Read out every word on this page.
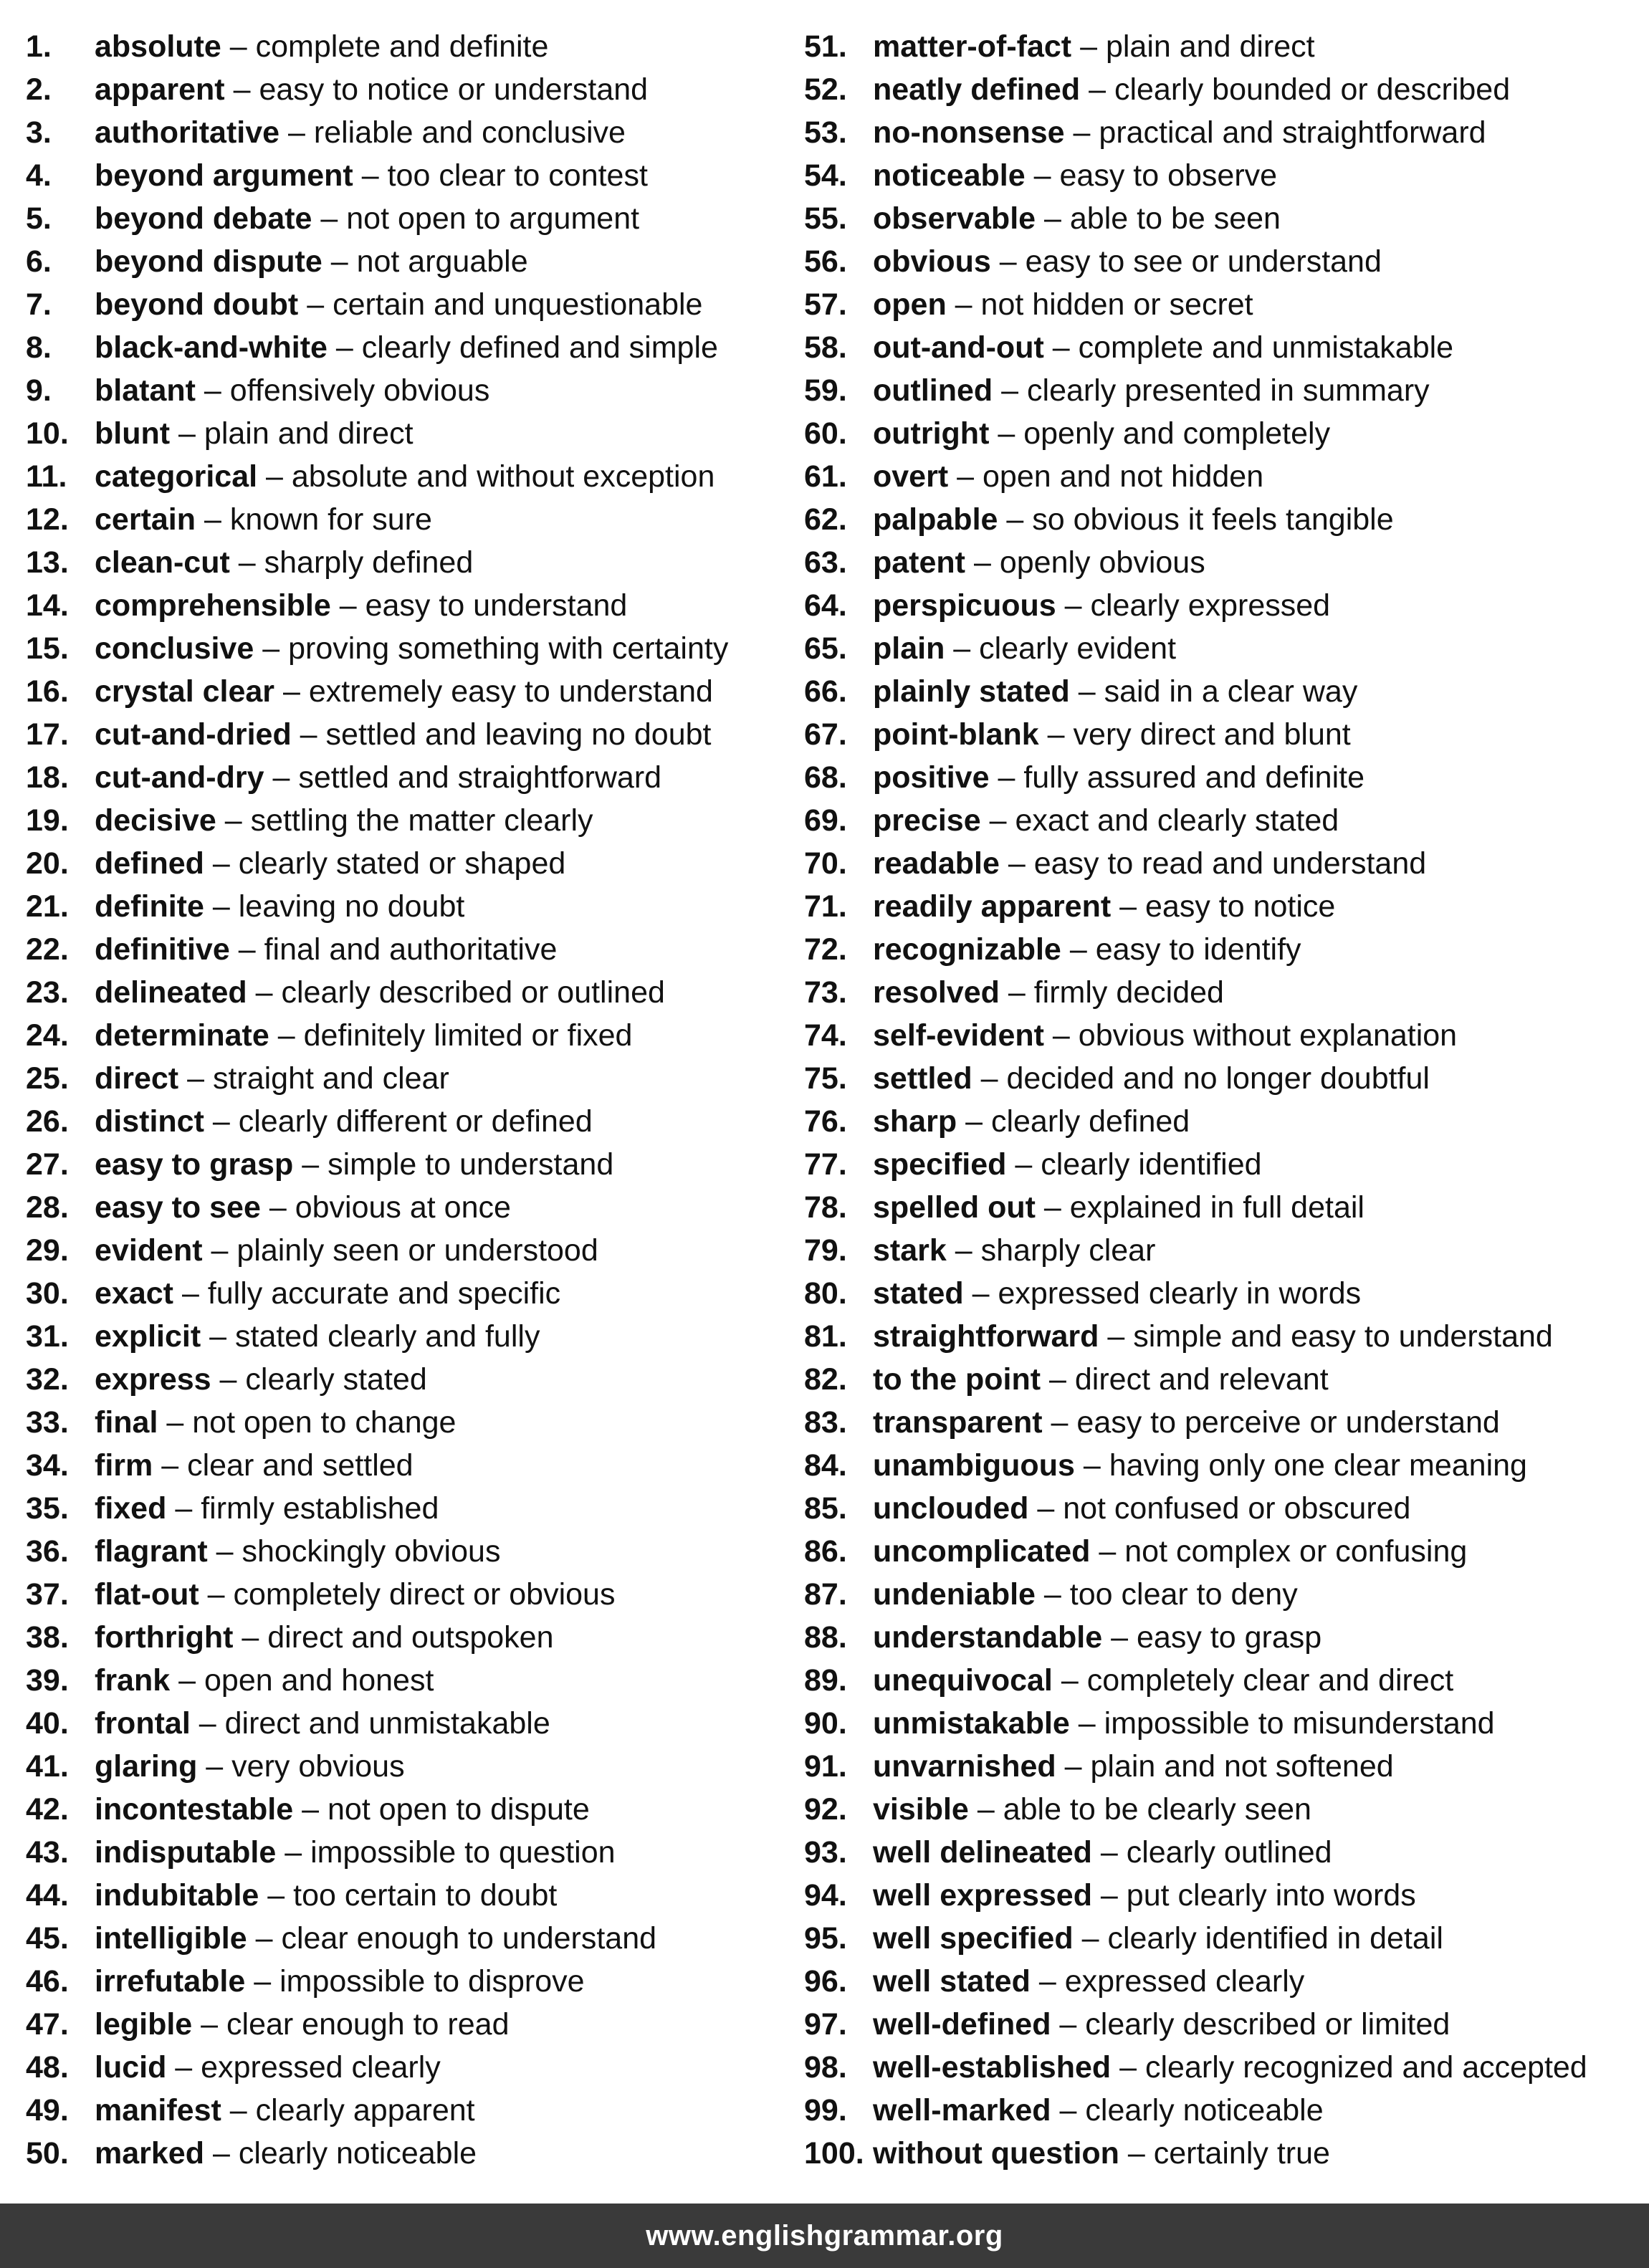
1.	absolute
–
complete and definite
2.	apparent
–
easy to notice or understand
3.	authoritative
–
reliable and conclusive
4.	beyond argument
–
too clear to contest
5.	beyond debate
–
not open to argument
6.	beyond dispute
–
not arguable
7.	beyond doubt
–
certain and unquestionable
8.	black-and-white
–
clearly defined and simple
9.	blatant
–
offensively obvious
10. blunt
–
plain and direct
11. categorical
–
absolute and without exception
12. certain
–
known for sure
13. clean-cut
–
sharply defined
14. comprehensible
–
easy to understand
15. conclusive
–
proving something with certainty
16. crystal clear
–
extremely easy to understand
17. cut-and-dried
–
settled and leaving no doubt
18. cut-and-dry
–
settled and straightforward
19. decisive
–
settling the matter clearly
20. defined
–
clearly stated or shaped
21. definite
–
leaving no doubt
22. definitive
–
final and authoritative
23. delineated
–
clearly described or outlined
24. determinate
–
definitely limited or fixed
25. direct
–
straight and clear
26. distinct
–
clearly different or defined
27. easy to grasp
–
simple to understand
28. easy to see
–
obvious at once
29. evident
–
plainly seen or understood
30. exact
–
fully accurate and specific
31. explicit
–
stated clearly and fully
32. express
–
clearly stated
33. final
–
not open to change
34. firm
–
clear and settled
35. fixed
–
firmly established
36. flagrant
–
shockingly obvious
37. flat-out
–
completely direct or obvious
38. forthright
–
direct and outspoken
39. frank
–
open and honest
40. frontal
–
direct and unmistakable
41. glaring
–
very obvious
42. incontestable
–
not open to dispute
43. indisputable
–
impossible to question
44. indubitable
–
too certain to doubt
45. intelligible
–
clear enough to understand
46. irrefutable
–
impossible to disprove
47. legible
–
clear enough to read
48. lucid
–
expressed clearly
49. manifest
–
clearly apparent
50. marked
–
clearly noticeable
51. matter-of-fact
–
plain and direct
52. neatly defined
–
clearly bounded or described
53. no-nonsense
–
practical and straightforward
54. noticeable
–
easy to observe
55. observable
–
able to be seen
56. obvious
–
easy to see or understand
57. open
–
not hidden or secret
58. out-and-out
–
complete and unmistakable
59. outlined
–
clearly presented in summary
60. outright
–
openly and completely
61. overt
–
open and not hidden
62. palpable
–
so obvious it feels tangible
63. patent
–
openly obvious
64. perspicuous
–
clearly expressed
65. plain
–
clearly evident
66. plainly stated
–
said in a clear way
67. point-blank
–
very direct and blunt
68. positive
–
fully assured and definite
69. precise
–
exact and clearly stated
70. readable
–
easy to read and understand
71. readily apparent
–
easy to notice
72. recognizable
–
easy to identify
73. resolved
–
firmly decided
74. self-evident
–
obvious without explanation
75. settled
–
decided and no longer doubtful
76. sharp
–
clearly defined
77. specified
–
clearly identified
78. spelled out
–
explained in full detail
79. stark
–
sharply clear
80. stated
–
expressed clearly in words
81. straightforward
–
simple and easy to understand
82. to the point
–
direct and relevant
83. transparent
–
easy to perceive or understand
84. unambiguous
–
having only one clear meaning
85. unclouded
–
not confused or obscured
86. uncomplicated
–
not complex or confusing
87. undeniable
–
too clear to deny
88. understandable
–
easy to grasp
89. unequivocal
–
completely clear and direct
90. unmistakable
–
impossible to misunderstand
91. unvarnished
–
plain and not softened
92. visible
–
able to be clearly seen
93. well delineated
–
clearly outlined
94. well expressed
–
put clearly into words
95. well specified
–
clearly identified in detail
96. well stated
–
expressed clearly
97. well-defined
–
clearly described or limited
98. well-established
–
clearly recognized and accepted
99. well-marked
–
clearly noticeable
100. without question
–
certainly true
www.englishgrammar.org
